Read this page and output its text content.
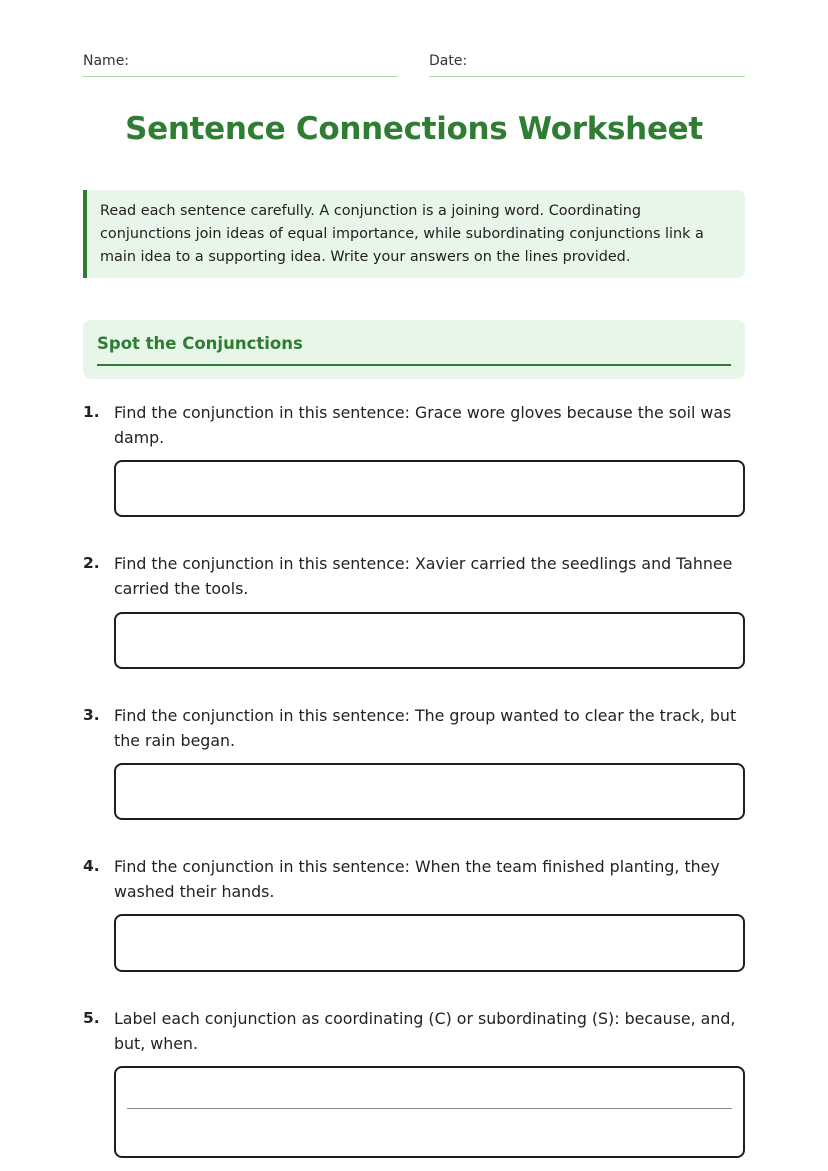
Name:	Date:
Sentence Connections Worksheet
Read each sentence carefully. A conjunction is a joining word. Coordinating conjunctions join ideas of equal importance, while subordinating conjunctions link a main idea to a supporting idea. Write your answers on the lines provided.
Spot the Conjunctions
1. Find the conjunction in this sentence: Grace wore gloves because the soil was damp.
2. Find the conjunction in this sentence: Xavier carried the seedlings and Tahnee carried the tools.
3. Find the conjunction in this sentence: The group wanted to clear the track, but the rain began.
4. Find the conjunction in this sentence: When the team finished planting, they washed their hands.
5. Label each conjunction as coordinating (C) or subordinating (S): because, and, but, when.
